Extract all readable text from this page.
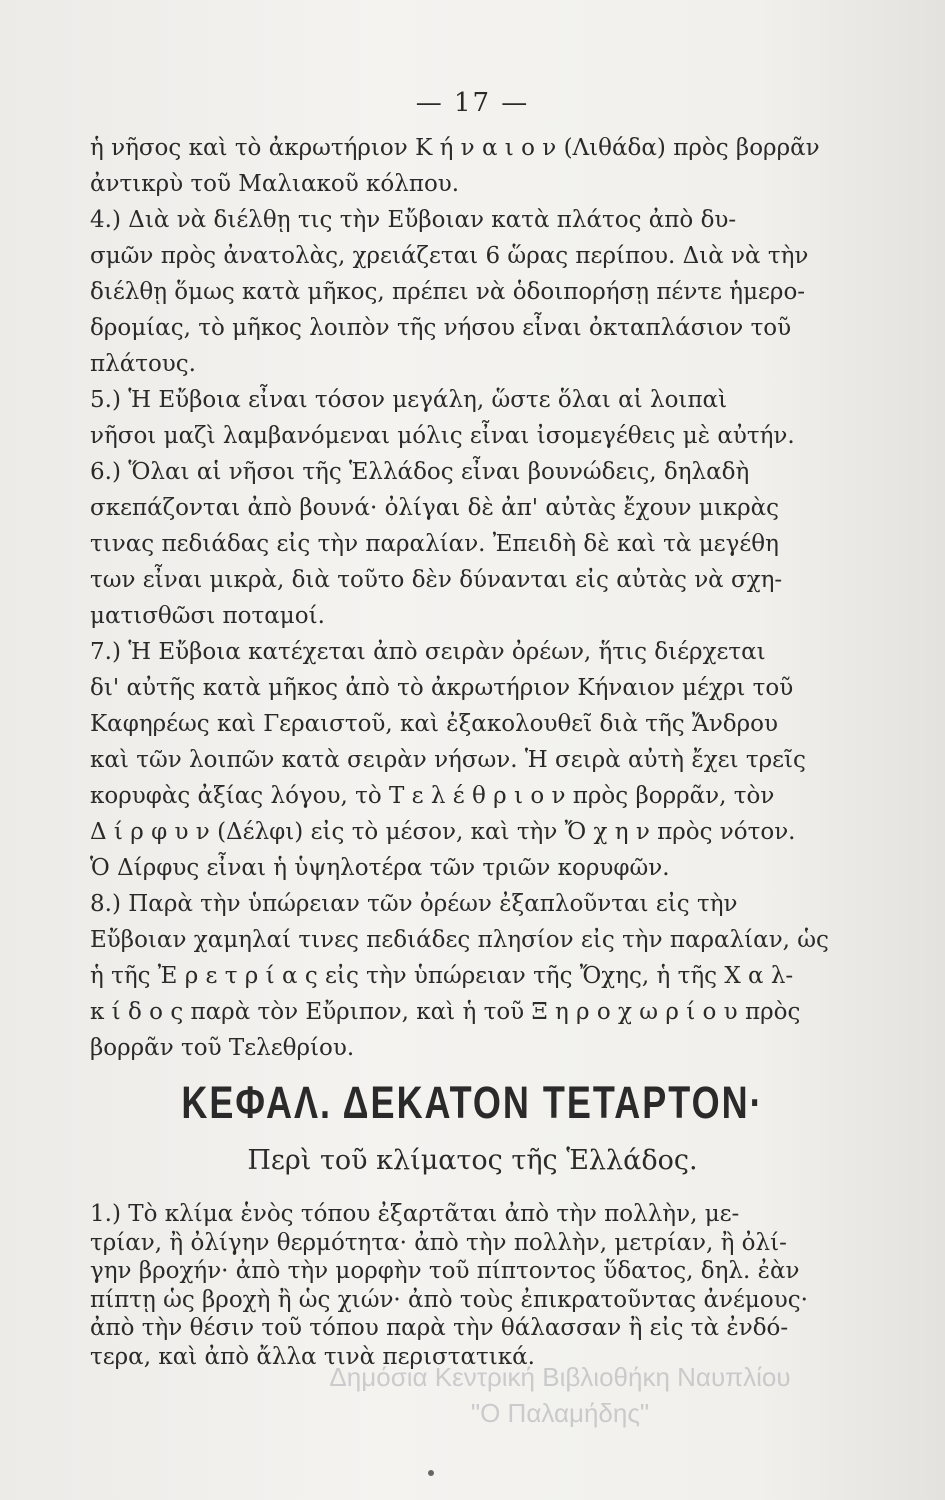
— 17 —
ἡ νῆσος καὶ τὸ ἀκρωτήριον Κ ή ν α ι ο ν (Λιθάδα) πρὸς βορρᾶν
ἀντικρὺ τοῦ Μαλιακοῦ κόλπου.
4.) Διὰ νὰ διέλθῃ τις τὴν Εὔβοιαν κατὰ πλάτος ἀπὸ δυ-
σμῶν πρὸς ἀνατολὰς, χρειάζεται 6 ὥρας περίπου. Διὰ νὰ τὴν
διέλθῃ ὅμως κατὰ μῆκος, πρέπει νὰ ὁδοιπορήσῃ πέντε ἡμερο-
δρομίας, τὸ μῆκος λοιπὸν τῆς νήσου εἶναι ὀκταπλάσιον τοῦ
πλάτους.
5.) Ἡ Εὔβοια εἶναι τόσον μεγάλη, ὥστε ὅλαι αἱ λοιπαὶ
νῆσοι μαζὶ λαμβανόμεναι μόλις εἶναι ἰσομεγέθεις μὲ αὐτήν.
6.) Ὅλαι αἱ νῆσοι τῆς Ἑλλάδος εἶναι βουνώδεις, δηλαδὴ
σκεπάζονται ἀπὸ βουνά· ὀλίγαι δὲ ἀπ' αὐτὰς ἔχουν μικρὰς
τινας πεδιάδας εἰς τὴν παραλίαν. Ἐπειδὴ δὲ καὶ τὰ μεγέθη
των εἶναι μικρὰ, διὰ τοῦτο δὲν δύνανται εἰς αὐτὰς νὰ σχη-
ματισθῶσι ποταμοί.
7.) Ἡ Εὔβοια κατέχεται ἀπὸ σειρὰν ὀρέων, ἥτις διέρχεται
δι' αὐτῆς κατὰ μῆκος ἀπὸ τὸ ἀκρωτήριον Κήναιον μέχρι τοῦ
Καφηρέως καὶ Γεραιστοῦ, καὶ ἐξακολουθεῖ διὰ τῆς Ἄνδρου
καὶ τῶν λοιπῶν κατὰ σειρὰν νήσων. Ἡ σειρὰ αὐτὴ ἔχει τρεῖς
κορυφὰς ἀξίας λόγου, τὸ Τ ε λ έ θ ρ ι ο ν πρὸς βορρᾶν, τὸν
Δ ί ρ φ υ ν (Δέλφι) εἰς τὸ μέσον, καὶ τὴν Ὄ χ η ν πρὸς νότον.
Ὁ Δίρφυς εἶναι ἡ ὑψηλοτέρα τῶν τριῶν κορυφῶν.
8.) Παρὰ τὴν ὑπώρειαν τῶν ὀρέων ἐξαπλοῦνται εἰς τὴν
Εὔβοιαν χαμηλαί τινες πεδιάδες πλησίον εἰς τὴν παραλίαν, ὡς
ἡ τῆς Ἐ ρ ε τ ρ ί α ς εἰς τὴν ὑπώρειαν τῆς Ὄχης, ἡ τῆς Χ α λ-
κ ί δ ο ς παρὰ τὸν Εὔριπον, καὶ ἡ τοῦ Ξ η ρ ο χ ω ρ ί ο υ πρὸς
βορρᾶν τοῦ Τελεθρίου.
ΚΕΦΑΛ. ΔΕΚΑΤΟΝ ΤΕΤΑΡΤΟΝ·
Περὶ τοῦ κλίματος τῆς Ἑλλάδος.
1.) Τὸ κλίμα ἑνὸς τόπου ἐξαρτᾶται ἀπὸ τὴν πολλὴν, με-
τρίαν, ἢ ὀλίγην θερμότητα· ἀπὸ τὴν πολλὴν, μετρίαν, ἢ ὀλί-
γην βροχήν· ἀπὸ τὴν μορφὴν τοῦ πίπτοντος ὕδατος, δηλ. ἐὰν
πίπτῃ ὡς βροχὴ ἢ ὡς χιών· ἀπὸ τοὺς ἐπικρατοῦντας ἀνέμους·
ἀπὸ τὴν θέσιν τοῦ τόπου παρὰ τὴν θάλασσαν ἢ εἰς τὰ ἐνδό-
τερα, καὶ ἀπὸ ἄλλα τινὰ περιστατικά.
Δημόσια Κεντρική Βιβλιοθήκη Ναυπλίου
"Ο Παλαμήδης"
